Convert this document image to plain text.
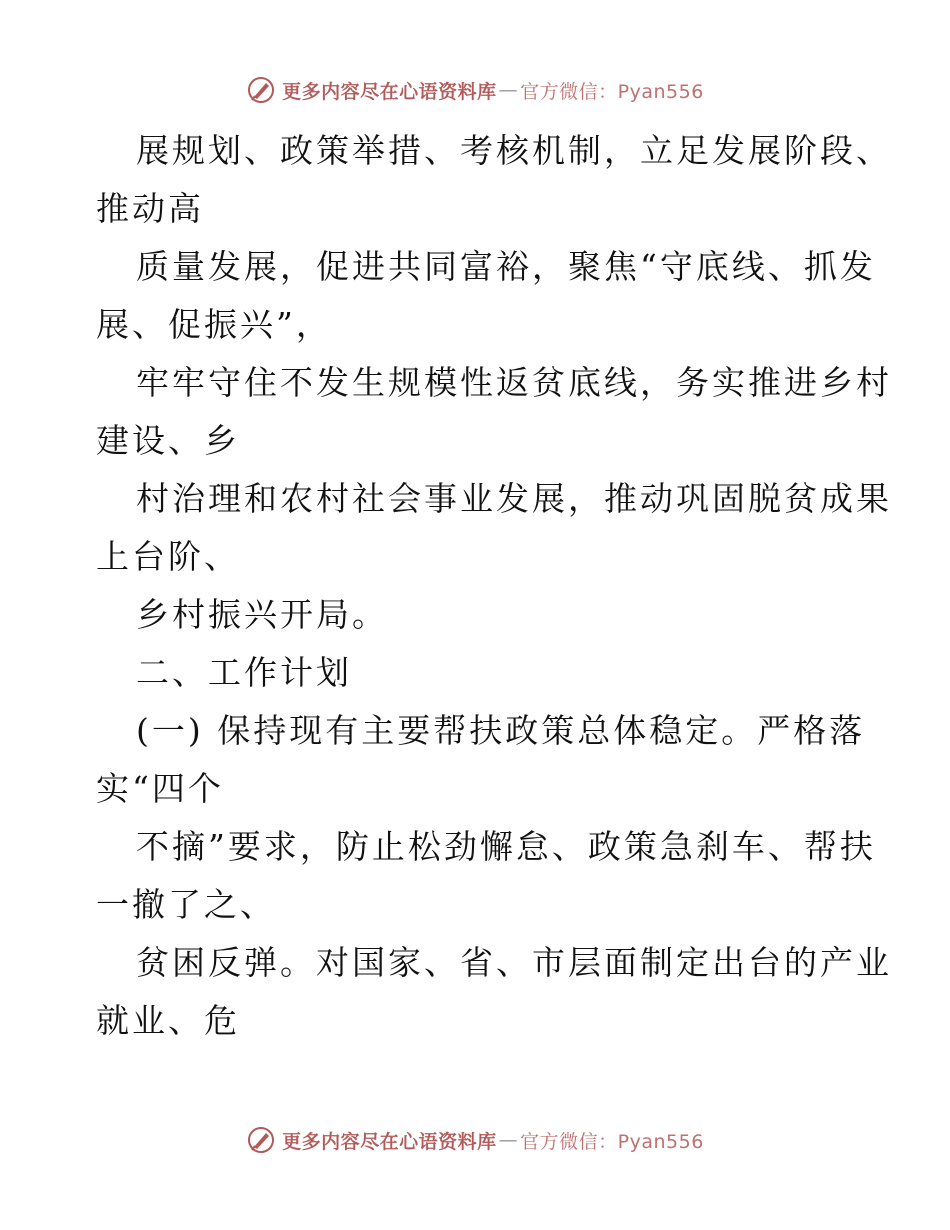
更多内容尽在心语资料库 — 官方微信：Pyan556
展规划、政策举措、考核机制，立足发展阶段、
推动高
质量发展，促进共同富裕，聚焦“守底线、抓发
展、促振兴”，
牢牢守住不发生规模性返贫底线，务实推进乡村
建设、乡
村治理和农村社会事业发展，推动巩固脱贫成果
上台阶、
乡村振兴开局。
二、工作计划
(一) 保持现有主要帮扶政策总体稳定。严格落
实“四个
不摘”要求，防止松劲懈怠、政策急刹车、帮扶
一撤了之、
贫困反弹。对国家、省、市层面制定出台的产业
就业、危
更多内容尽在心语资料库 — 官方微信：Pyan556
